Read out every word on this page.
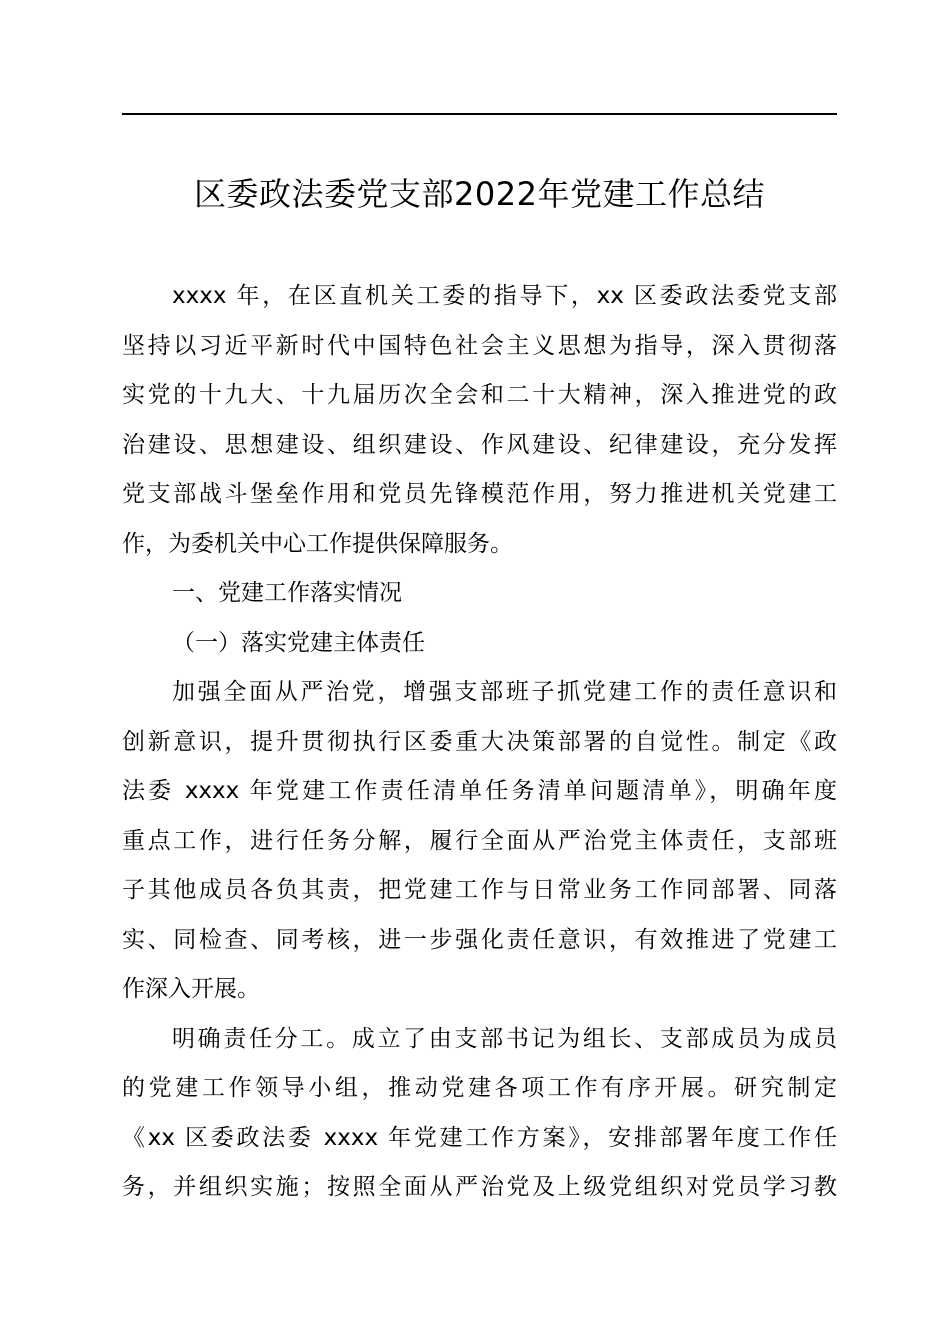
区委政法委党支部2022年党建工作总结
xxxx 年，在区直机关工委的指导下，xx 区委政法委党支部
坚持以习近平新时代中国特色社会主义思想为指导，深入贯彻落
实党的十九大、十九届历次全会和二十大精神，深入推进党的政
治建设、思想建设、组织建设、作风建设、纪律建设，充分发挥
党支部战斗堡垒作用和党员先锋模范作用，努力推进机关党建工
作，为委机关中心工作提供保障服务。
一、党建工作落实情况
（一）落实党建主体责任
加强全面从严治党，增强支部班子抓党建工作的责任意识和
创新意识，提升贯彻执行区委重大决策部署的自觉性。制定《政
法委 xxxx 年党建工作责任清单任务清单问题清单》，明确年度
重点工作，进行任务分解，履行全面从严治党主体责任，支部班
子其他成员各负其责，把党建工作与日常业务工作同部署、同落
实、同检查、同考核，进一步强化责任意识，有效推进了党建工
作深入开展。
明确责任分工。成立了由支部书记为组长、支部成员为成员
的党建工作领导小组，推动党建各项工作有序开展。研究制定
《xx 区委政法委 xxxx 年党建工作方案》，安排部署年度工作任
务，并组织实施；按照全面从严治党及上级党组织对党员学习教
